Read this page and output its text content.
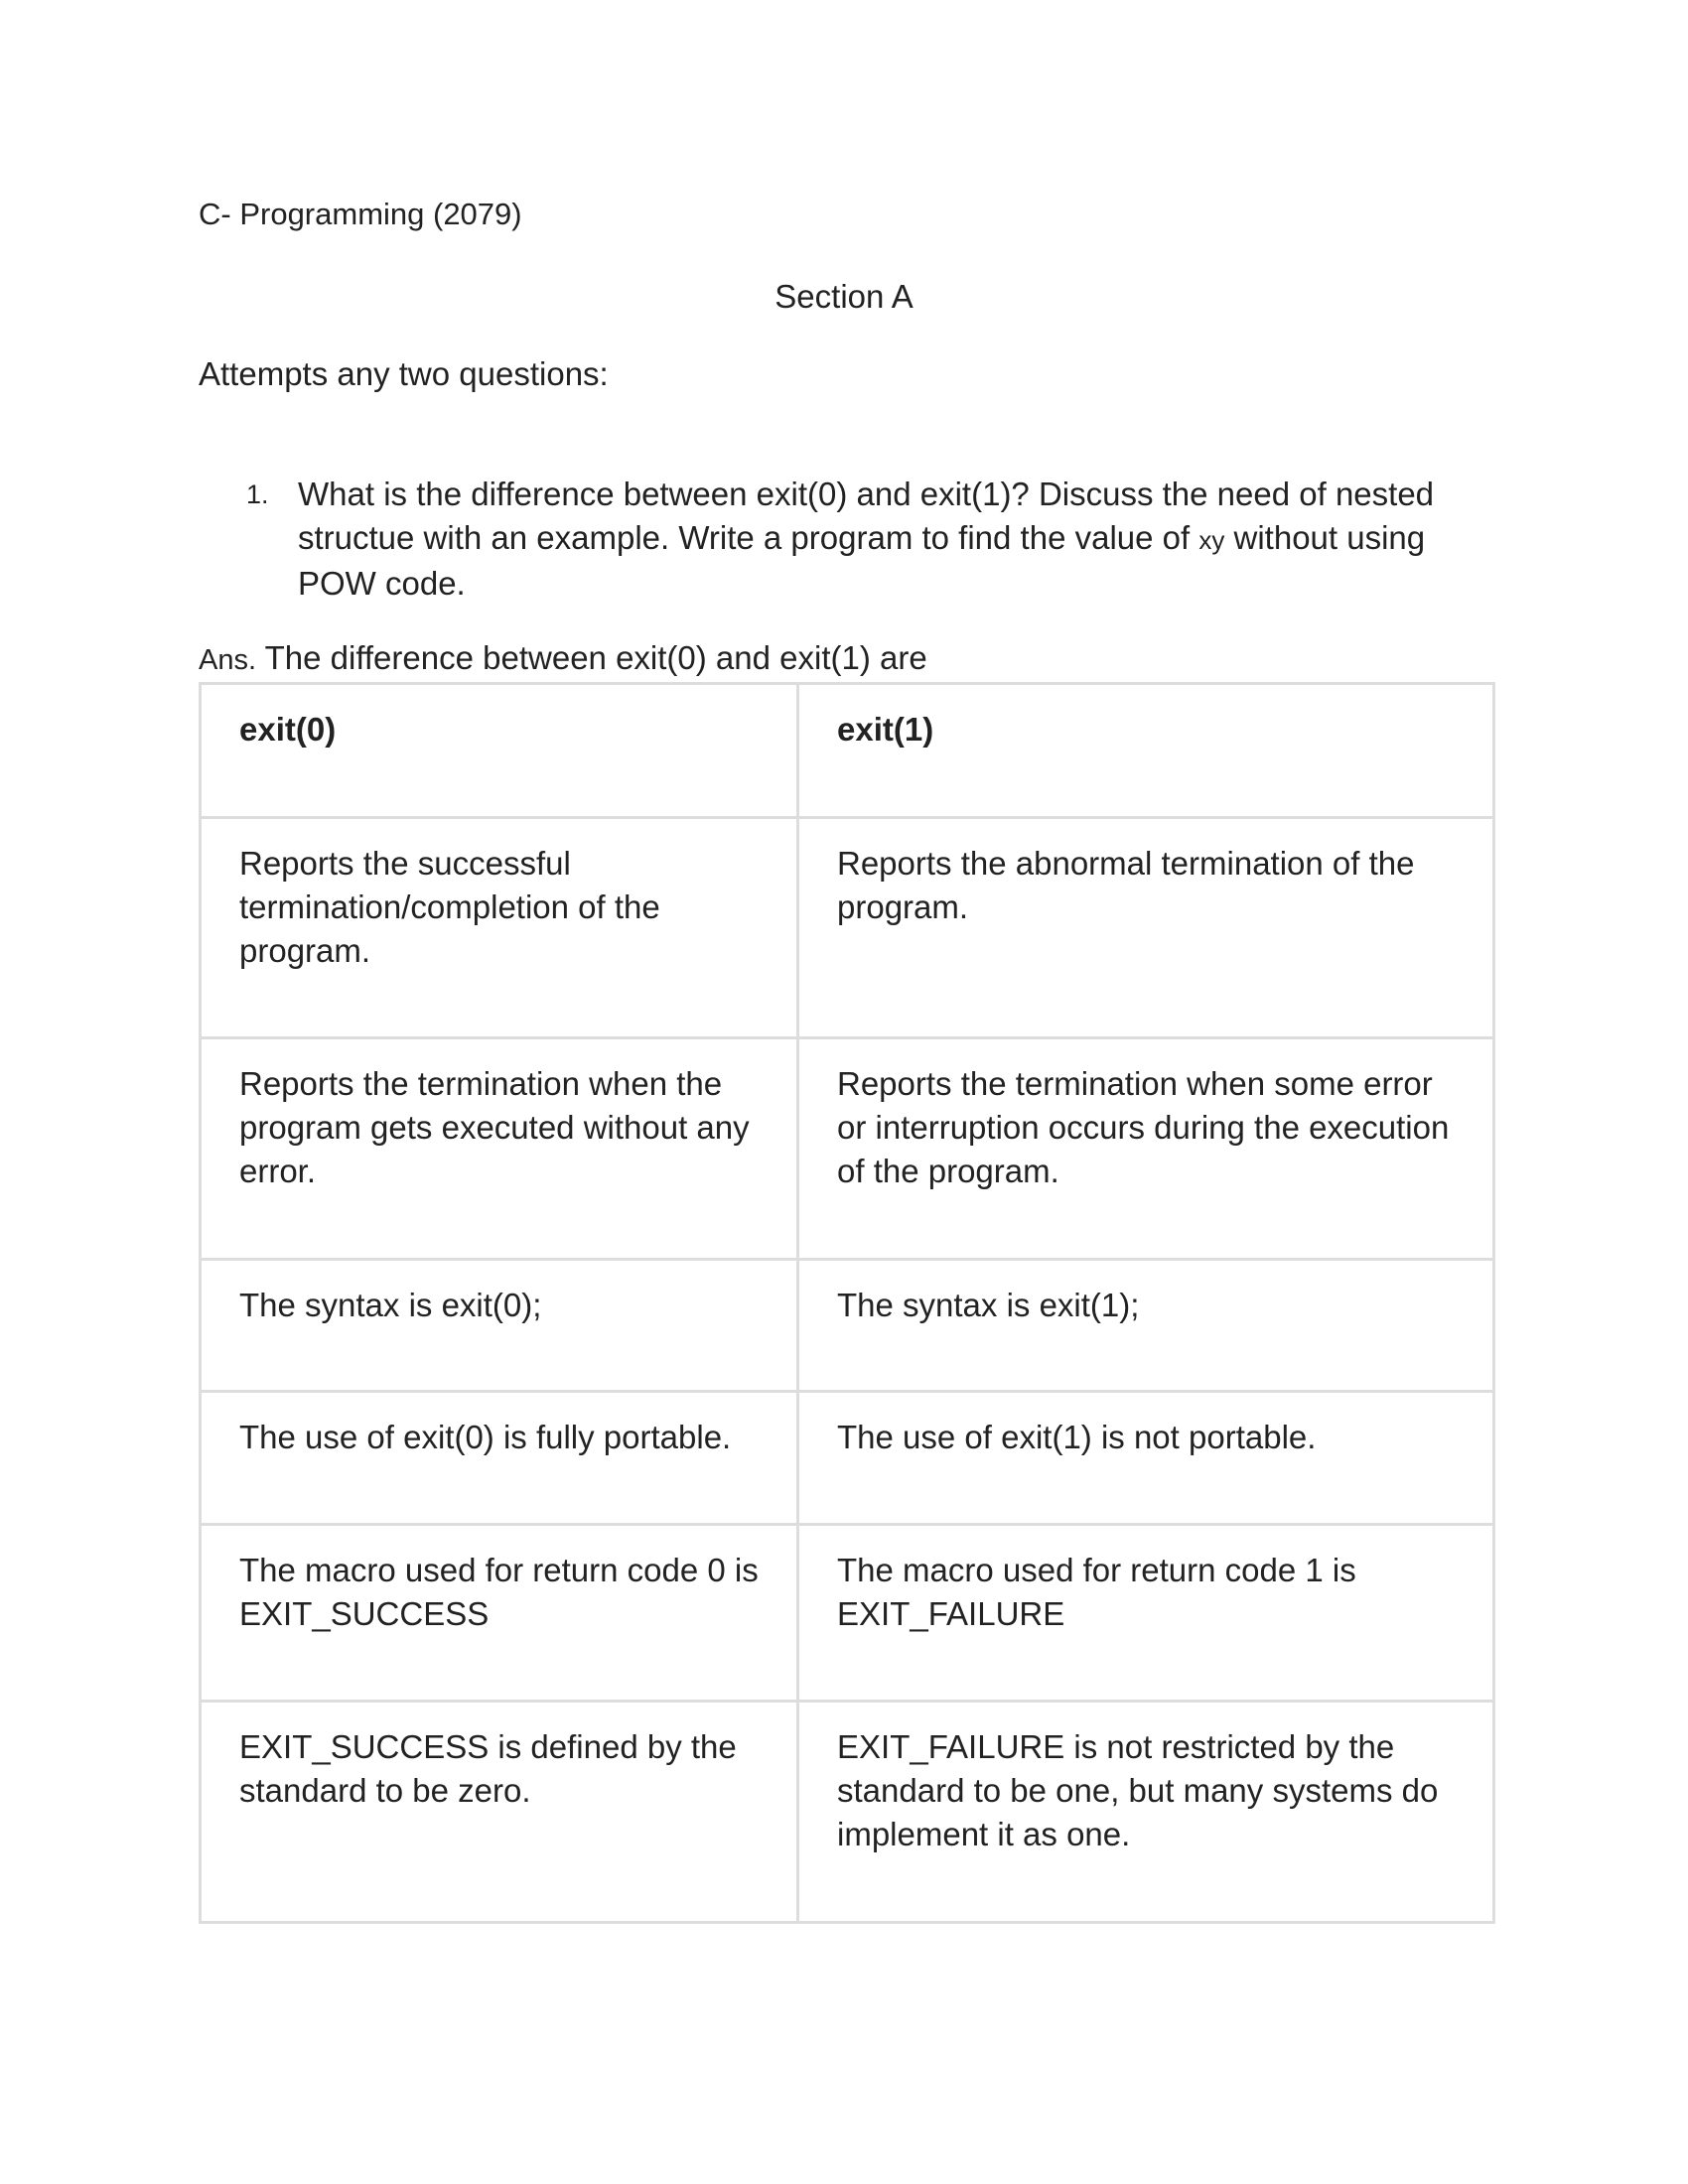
C- Programming (2079)
Section A
Attempts any two questions:
1. What is the difference between exit(0) and exit(1)? Discuss the need of nested structue with an example. Write a program to find the value of xy without using POW code.
Ans. The difference between exit(0) and exit(1) are
exit(0)	exit(1)
Reports the successful termination/completion of the program.	Reports the abnormal termination of the program.
Reports the termination when the program gets executed without any error.	Reports the termination when some error or interruption occurs during the execution of the program.
The syntax is exit(0);	The syntax is exit(1);
The use of exit(0) is fully portable.	The use of exit(1) is not portable.
The macro used for return code 0 is EXIT_SUCCESS	The macro used for return code 1 is EXIT_FAILURE
EXIT_SUCCESS is defined by the standard to be zero.	EXIT_FAILURE is not restricted by the standard to be one, but many systems do implement it as one.
